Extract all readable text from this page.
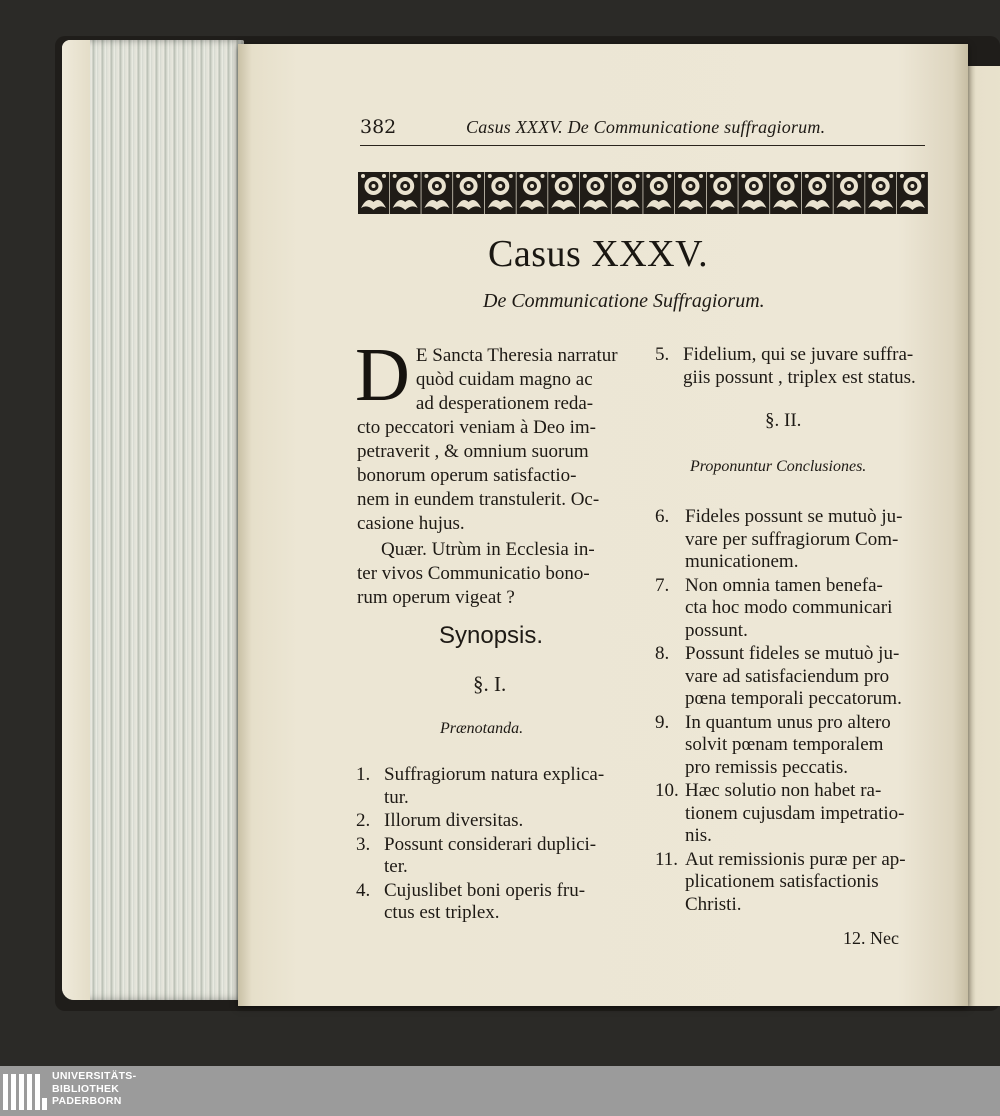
382	Casus XXXV. De Communicatione suffragiorum.
Casus XXXV.
De Communicatione Suffragiorum.
D E Sancta Theresia narratur
quòd cuidam magno ac
ad desperationem reda-
cto peccatori veniam à Deo im-
petraverit , & omnium suorum
bonorum operum satisfactio-
nem in eundem transtulerit. Oc-
casione hujus.
Quær. Utrùm in Ecclesia in-
ter vivos Communicatio bono-
rum operum vigeat ?
Synopsis.
§. I.
Prænotanda.
1. Suffragiorum natura explica-
tur.
2. Illorum diversitas.
3. Possunt considerari duplici-
ter.
4. Cujuslibet boni operis fru-
ctus est triplex.
5. Fidelium, qui se juvare suffra-
giis possunt , triplex est status.
§. II.
Proponuntur Conclusiones.
6. Fideles possunt se mutuò ju-
vare per suffragiorum Com-
municationem.
7. Non omnia tamen benefa-
cta hoc modo communicari
possunt.
8. Possunt fideles se mutuò ju-
vare ad satisfaciendum pro
pœna temporali peccatorum.
9. In quantum unus pro altero
solvit pœnam temporalem
pro remissis peccatis.
10. Hæc solutio non habet ra-
tionem cujusdam impetratio-
nis.
11. Aut remissionis puræ per ap-
plicationem satisfactionis
Christi.
12. Nec
UNIVERSITÄTS-
BIBLIOTHEK
PADERBORN
